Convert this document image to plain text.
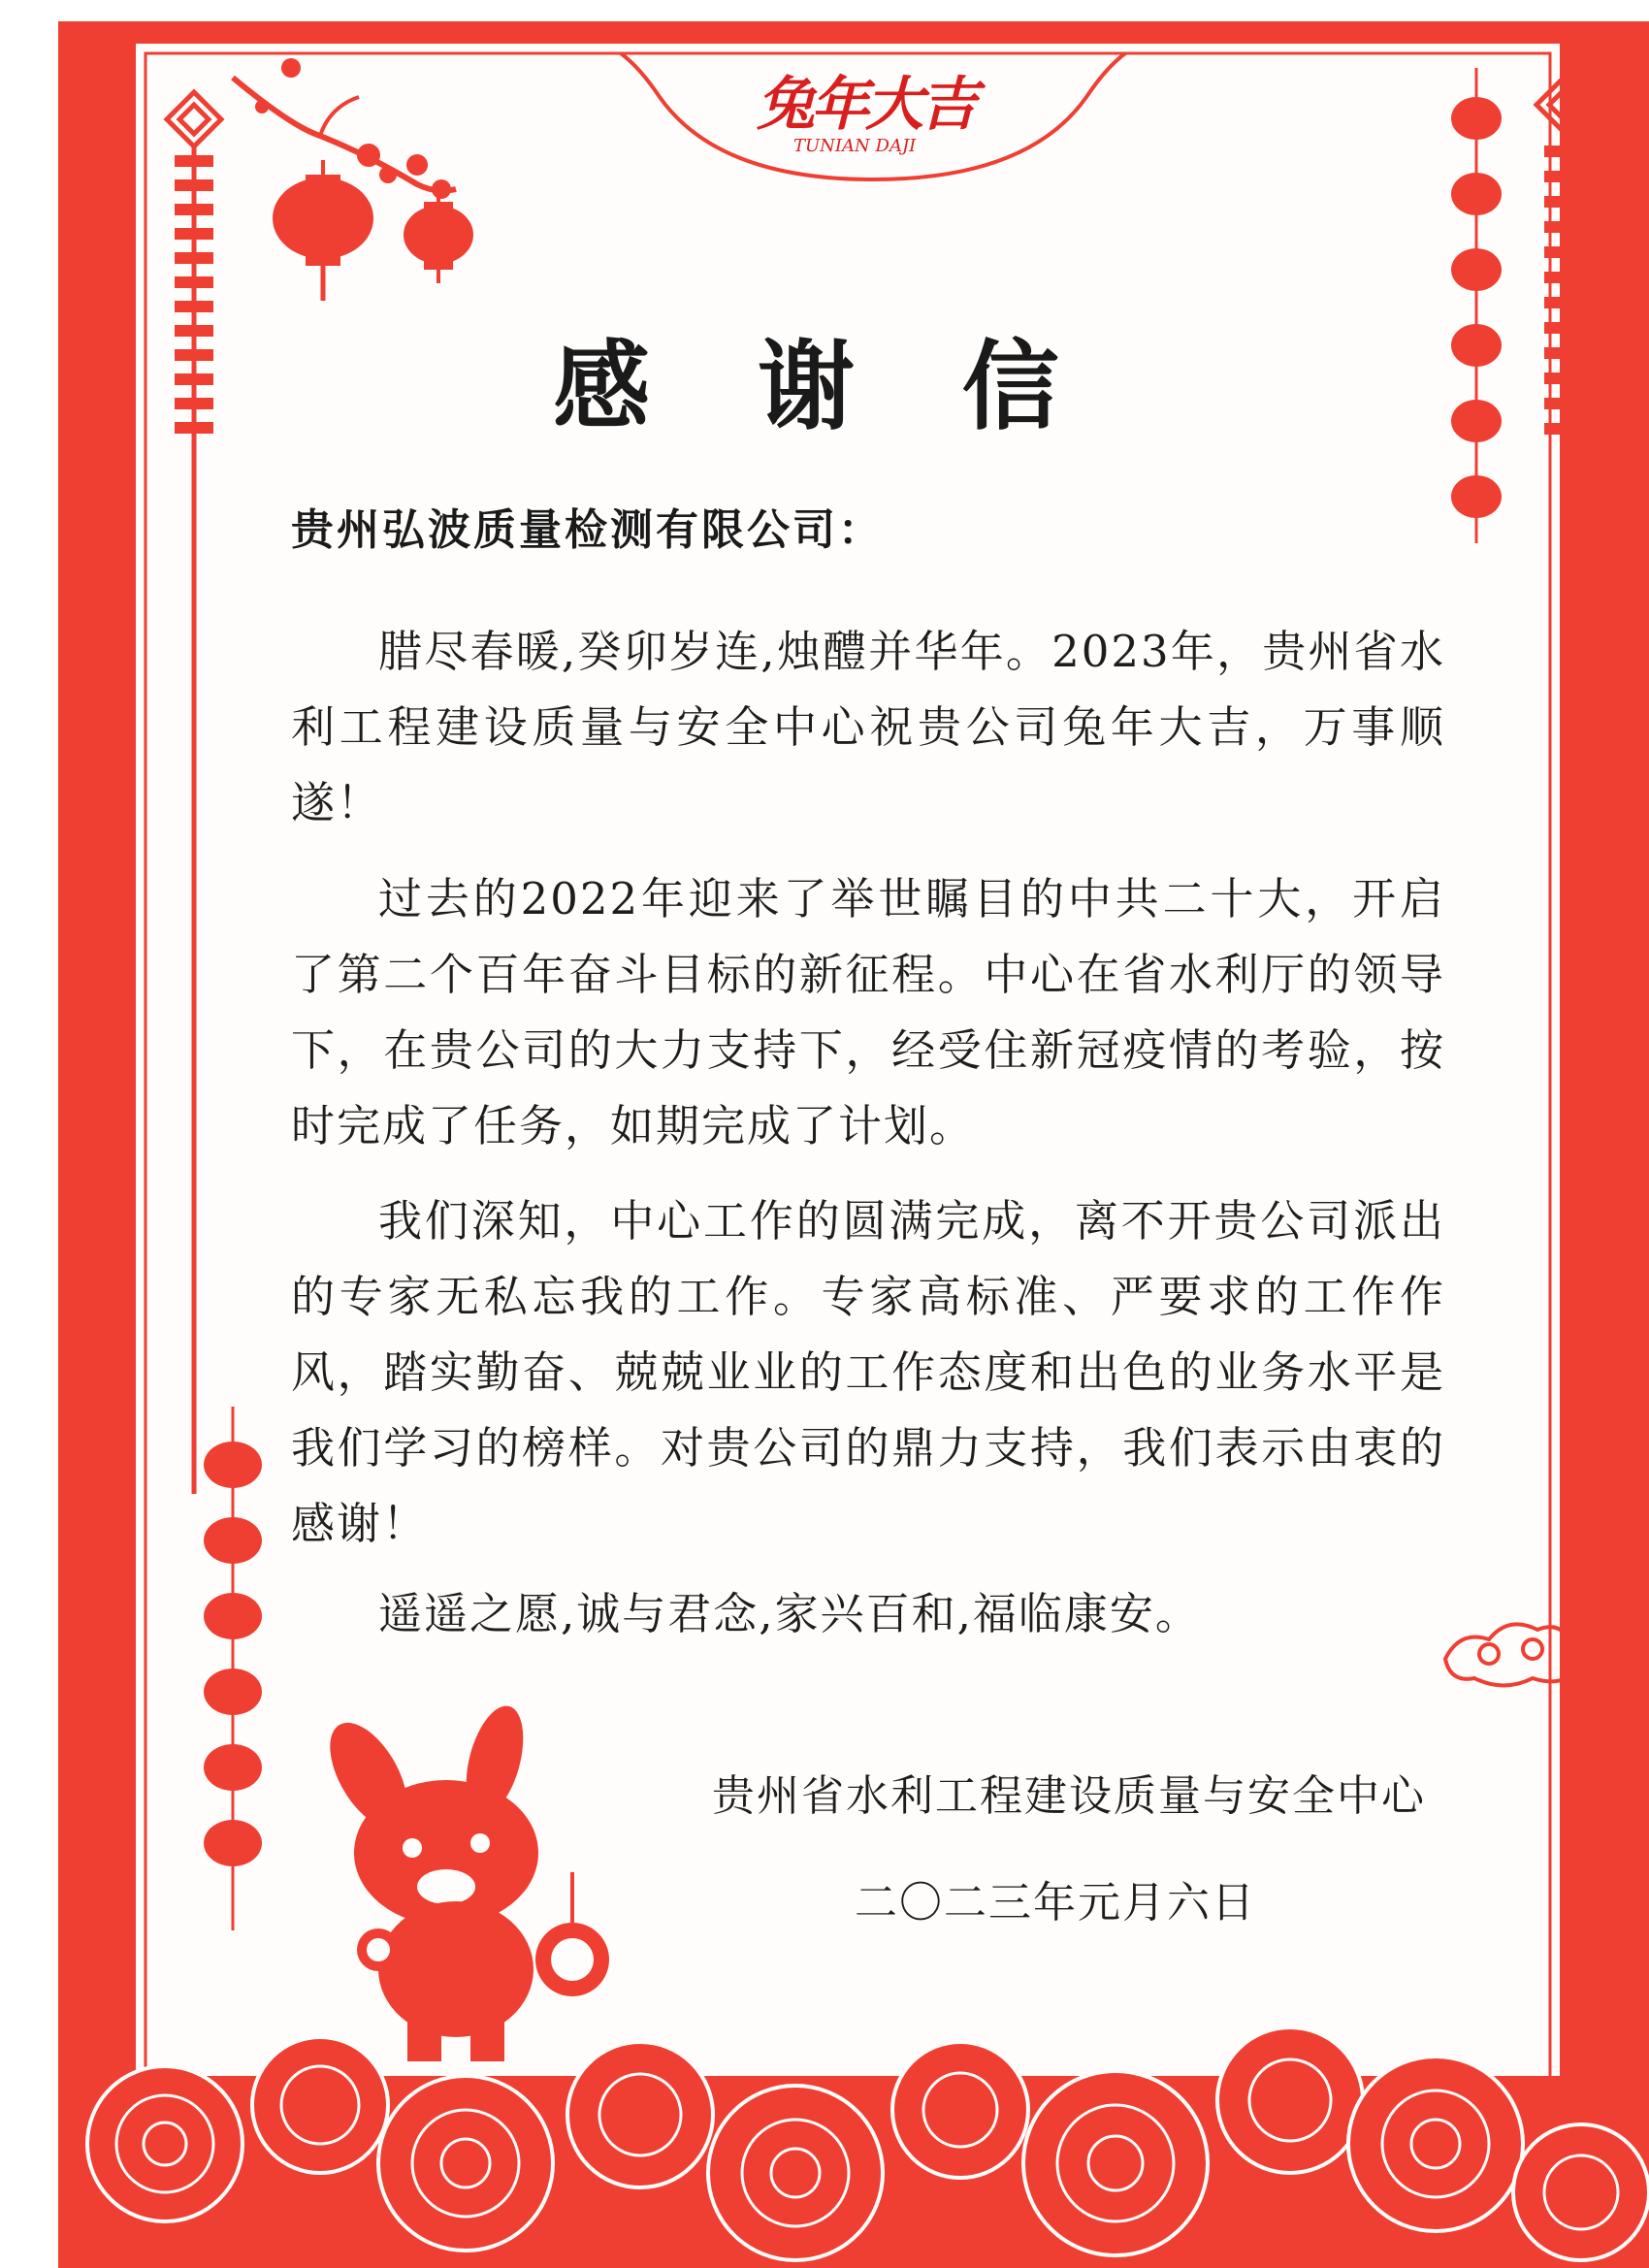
兔年大吉
TUNIAN DAJI
感 谢 信
贵州弘波质量检测有限公司：
腊尽春暖,癸卯岁连,烛醴并华年。2023年，贵州省水利工程建设质量与安全中心祝贵公司兔年大吉，万事顺遂！
过去的2022年迎来了举世瞩目的中共二十大，开启了第二个百年奋斗目标的新征程。中心在省水利厅的领导下，在贵公司的大力支持下，经受住新冠疫情的考验，按时完成了任务，如期完成了计划。
我们深知，中心工作的圆满完成，离不开贵公司派出的专家无私忘我的工作。专家高标准、严要求的工作作风，踏实勤奋、兢兢业业的工作态度和出色的业务水平是我们学习的榜样。对贵公司的鼎力支持，我们表示由衷的感谢！
遥遥之愿,诚与君念,家兴百和,福临康安。
贵州省水利工程建设质量与安全中心
二〇二三年元月六日
